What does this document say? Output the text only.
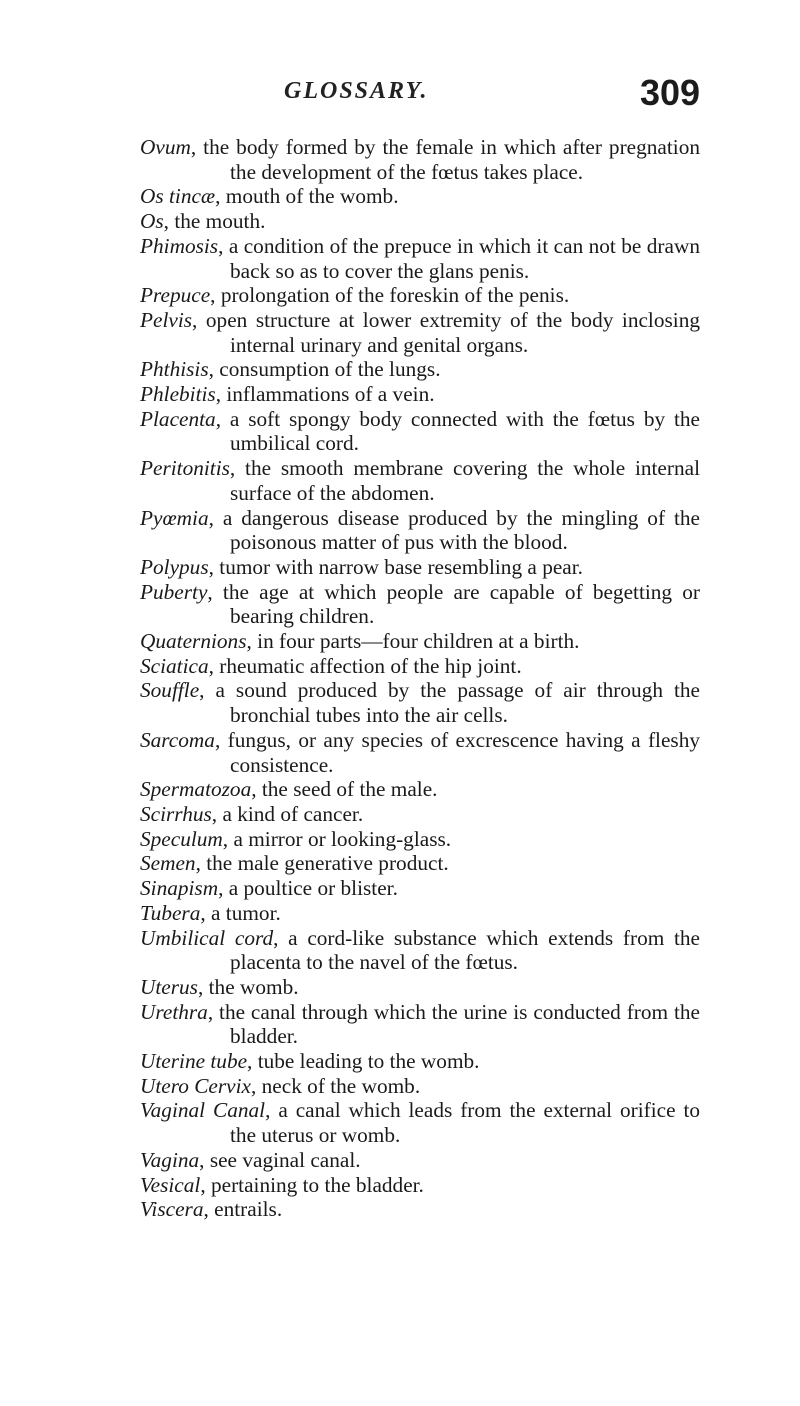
GLOSSARY.	309
Ovum, the body formed by the female in which after pregnation the development of the fœtus takes place.
Os tincæ, mouth of the womb.
Os, the mouth.
Phimosis, a condition of the prepuce in which it can not be drawn back so as to cover the glans penis.
Prepuce, prolongation of the foreskin of the penis.
Pelvis, open structure at lower extremity of the body inclosing internal urinary and genital organs.
Phthisis, consumption of the lungs.
Phlebitis, inflammations of a vein.
Placenta, a soft spongy body connected with the fœtus by the umbilical cord.
Peritonitis, the smooth membrane covering the whole internal surface of the abdomen.
Pyœmia, a dangerous disease produced by the mingling of the poisonous matter of pus with the blood.
Polypus, tumor with narrow base resembling a pear.
Puberty, the age at which people are capable of begetting or bearing children.
Quaternions, in four parts—four children at a birth.
Sciatica, rheumatic affection of the hip joint.
Souffle, a sound produced by the passage of air through the bronchial tubes into the air cells.
Sarcoma, fungus, or any species of excrescence having a fleshy consistence.
Spermatozoa, the seed of the male.
Scirrhus, a kind of cancer.
Speculum, a mirror or looking-glass.
Semen, the male generative product.
Sinapism, a poultice or blister.
Tubera, a tumor.
Umbilical cord, a cord-like substance which extends from the placenta to the navel of the fœtus.
Uterus, the womb.
Urethra, the canal through which the urine is conducted from the bladder.
Uterine tube, tube leading to the womb.
Utero Cervix, neck of the womb.
Vaginal Canal, a canal which leads from the external orifice to the uterus or womb.
Vagina, see vaginal canal.
Vesical, pertaining to the bladder.
Viscera, entrails.
